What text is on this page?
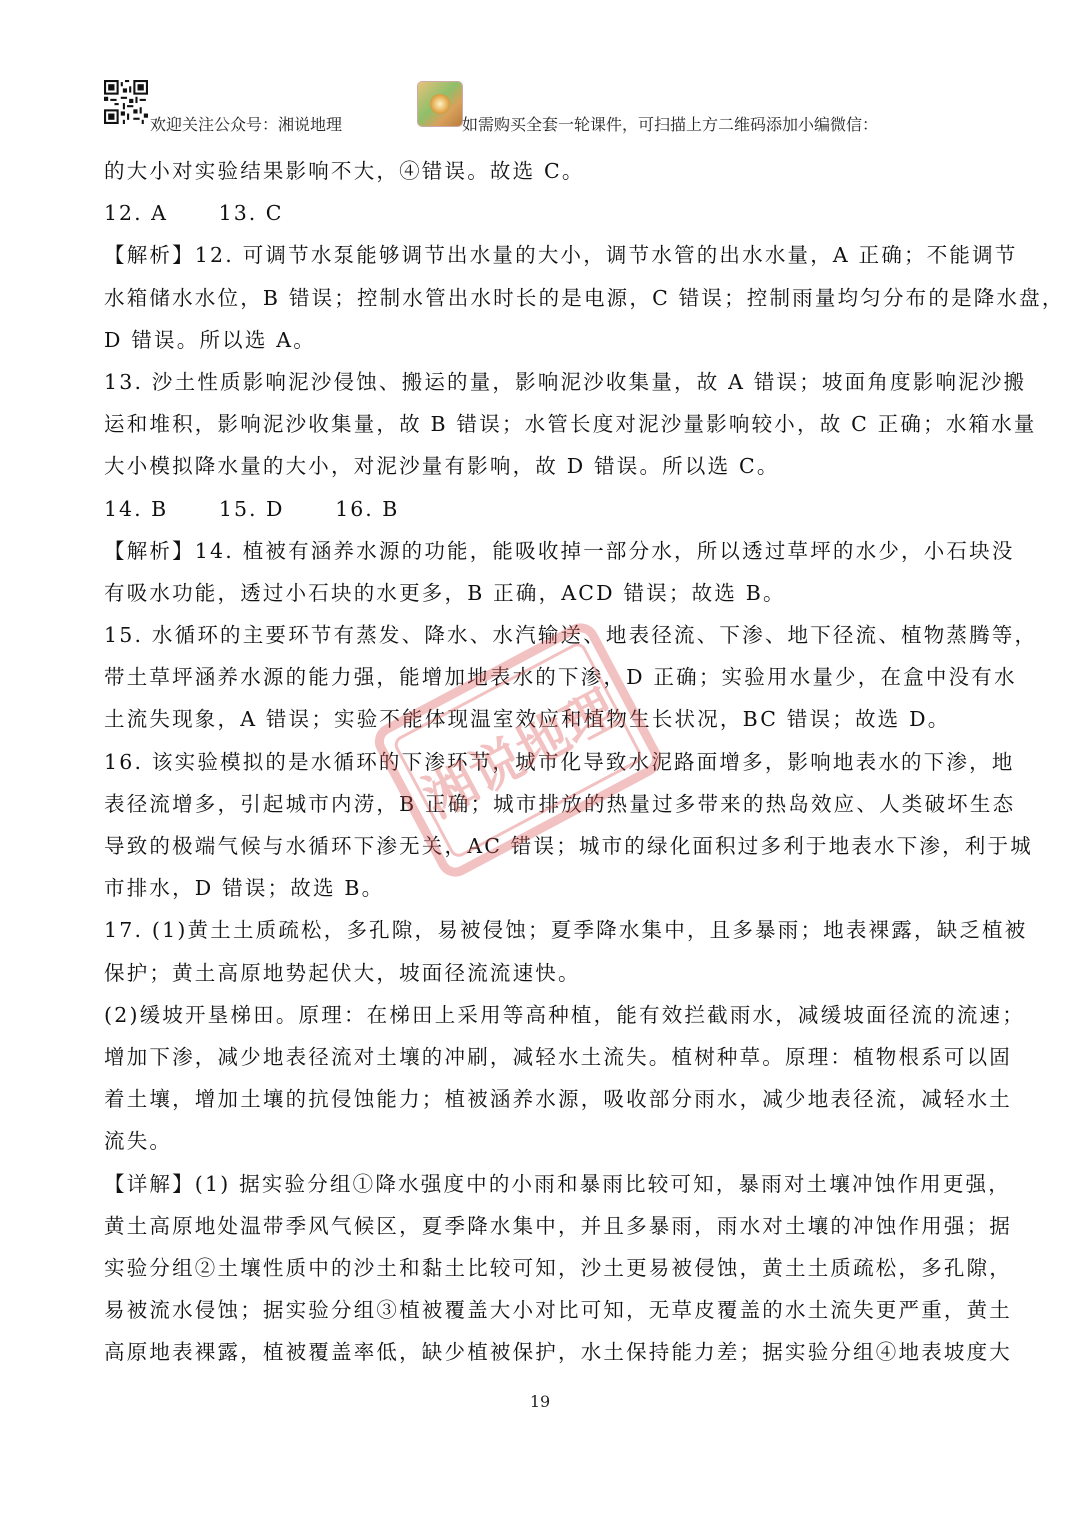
欢迎关注公众号：湘说地理	如需购买全套一轮课件，可扫描上方二维码添加小编微信：
的大小对实验结果影响不大，④错误。故选 C。
12. A 13. C
【解析】12. 可调节水泵能够调节出水量的大小，调节水管的出水水量，A 正确；不能调节
水箱储水水位，B 错误；控制水管出水时长的是电源，C 错误；控制雨量均匀分布的是降水盘，
D 错误。所以选 A。
13. 沙土性质影响泥沙侵蚀、搬运的量，影响泥沙收集量，故 A 错误；坡面角度影响泥沙搬
运和堆积，影响泥沙收集量，故 B 错误；水管长度对泥沙量影响较小，故 C 正确；水箱水量
大小模拟降水量的大小，对泥沙量有影响，故 D 错误。所以选 C。
14. B 15. D 16. B
【解析】14. 植被有涵养水源的功能，能吸收掉一部分水，所以透过草坪的水少，小石块没
有吸水功能，透过小石块的水更多，B 正确，ACD 错误；故选 B。
15. 水循环的主要环节有蒸发、降水、水汽输送、地表径流、下渗、地下径流、植物蒸腾等，
带土草坪涵养水源的能力强，能增加地表水的下渗，D 正确；实验用水量少，在盒中没有水
土流失现象，A 错误；实验不能体现温室效应和植物生长状况，BC 错误；故选 D。
16. 该实验模拟的是水循环的下渗环节，城市化导致水泥路面增多，影响地表水的下渗，地
表径流增多，引起城市内涝，B 正确；城市排放的热量过多带来的热岛效应、人类破坏生态
导致的极端气候与水循环下渗无关，AC 错误；城市的绿化面积过多利于地表水下渗，利于城
市排水，D 错误；故选 B。
17. (1)黄土土质疏松，多孔隙，易被侵蚀；夏季降水集中，且多暴雨；地表裸露，缺乏植被
保护；黄土高原地势起伏大，坡面径流流速快。
(2)缓坡开垦梯田。原理：在梯田上采用等高种植，能有效拦截雨水，减缓坡面径流的流速；
增加下渗，减少地表径流对土壤的冲刷，减轻水土流失。植树种草。原理：植物根系可以固
着土壤，增加土壤的抗侵蚀能力；植被涵养水源，吸收部分雨水，减少地表径流，减轻水土
流失。
【详解】(1) 据实验分组①降水强度中的小雨和暴雨比较可知，暴雨对土壤冲蚀作用更强，
黄土高原地处温带季风气候区，夏季降水集中，并且多暴雨，雨水对土壤的冲蚀作用强；据
实验分组②土壤性质中的沙土和黏土比较可知，沙土更易被侵蚀，黄土土质疏松，多孔隙，
易被流水侵蚀；据实验分组③植被覆盖大小对比可知，无草皮覆盖的水土流失更严重，黄土
高原地表裸露，植被覆盖率低，缺少植被保护，水土保持能力差；据实验分组④地表坡度大
湘说地理
19
